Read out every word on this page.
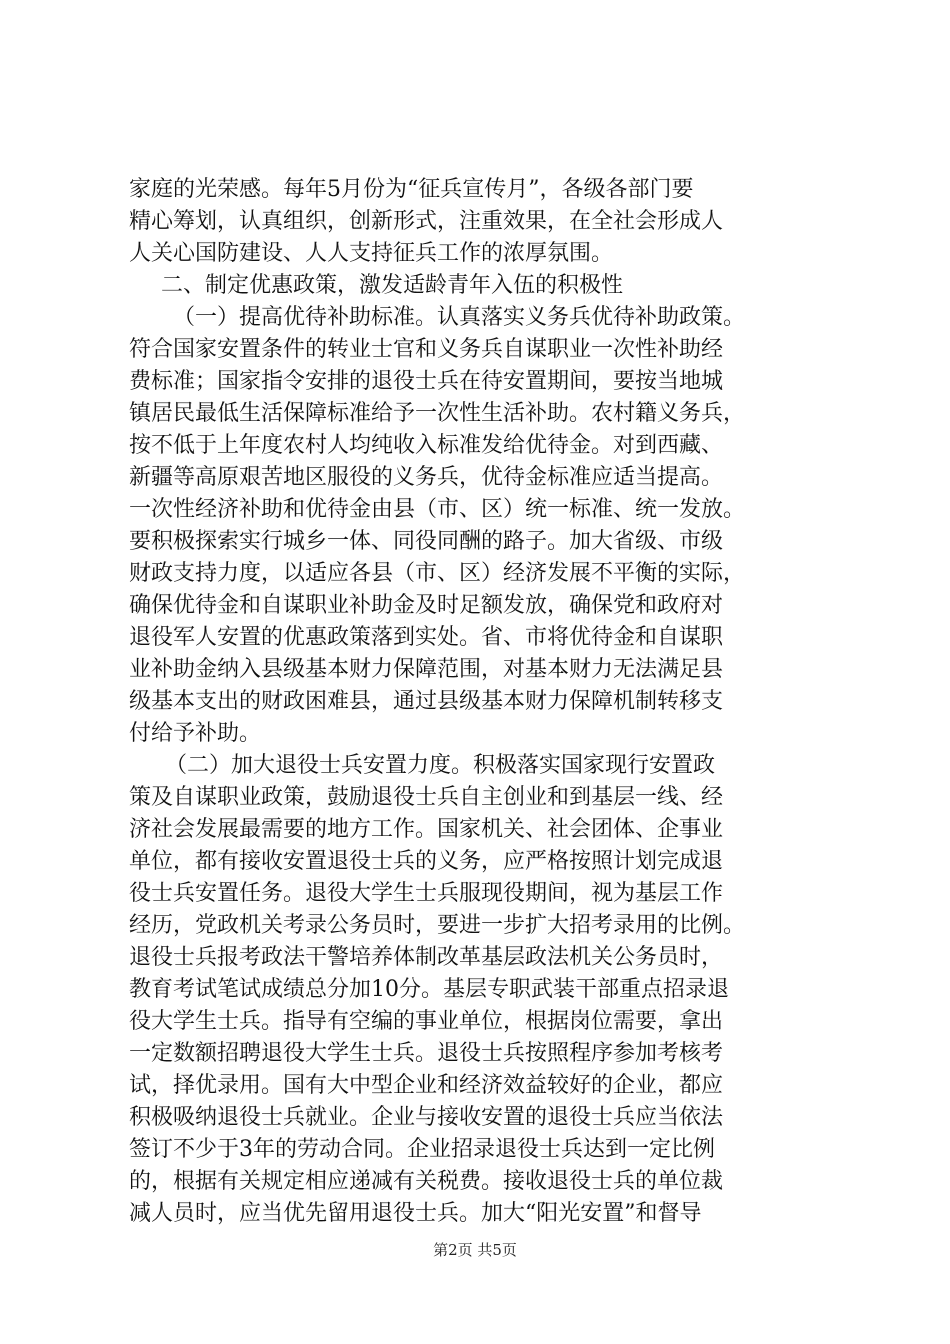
家庭的光荣感。每年5月份为“征兵宣传月”，各级各部门要
精心筹划，认真组织，创新形式，注重效果，在全社会形成人
人关心国防建设、人人支持征兵工作的浓厚氛围。
二、制定优惠政策，激发适龄青年入伍的积极性
（一）提高优待补助标准。认真落实义务兵优待补助政策。
符合国家安置条件的转业士官和义务兵自谋职业一次性补助经
费标准；国家指令安排的退役士兵在待安置期间，要按当地城
镇居民最低生活保障标准给予一次性生活补助。农村籍义务兵，
按不低于上年度农村人均纯收入标准发给优待金。对到西藏、
新疆等高原艰苦地区服役的义务兵，优待金标准应适当提高。
一次性经济补助和优待金由县（市、区）统一标准、统一发放。
要积极探索实行城乡一体、同役同酬的路子。加大省级、市级
财政支持力度，以适应各县（市、区）经济发展不平衡的实际，
确保优待金和自谋职业补助金及时足额发放，确保党和政府对
退役军人安置的优惠政策落到实处。省、市将优待金和自谋职
业补助金纳入县级基本财力保障范围，对基本财力无法满足县
级基本支出的财政困难县，通过县级基本财力保障机制转移支
付给予补助。
（二）加大退役士兵安置力度。积极落实国家现行安置政
策及自谋职业政策，鼓励退役士兵自主创业和到基层一线、经
济社会发展最需要的地方工作。国家机关、社会团体、企事业
单位，都有接收安置退役士兵的义务，应严格按照计划完成退
役士兵安置任务。退役大学生士兵服现役期间，视为基层工作
经历，党政机关考录公务员时，要进一步扩大招考录用的比例。
退役士兵报考政法干警培养体制改革基层政法机关公务员时，
教育考试笔试成绩总分加10分。基层专职武装干部重点招录退
役大学生士兵。指导有空编的事业单位，根据岗位需要，拿出
一定数额招聘退役大学生士兵。退役士兵按照程序参加考核考
试，择优录用。国有大中型企业和经济效益较好的企业，都应
积极吸纳退役士兵就业。企业与接收安置的退役士兵应当依法
签订不少于3年的劳动合同。企业招录退役士兵达到一定比例
的，根据有关规定相应递减有关税费。接收退役士兵的单位裁
减人员时，应当优先留用退役士兵。加大“阳光安置”和督导
第2页 共5页
